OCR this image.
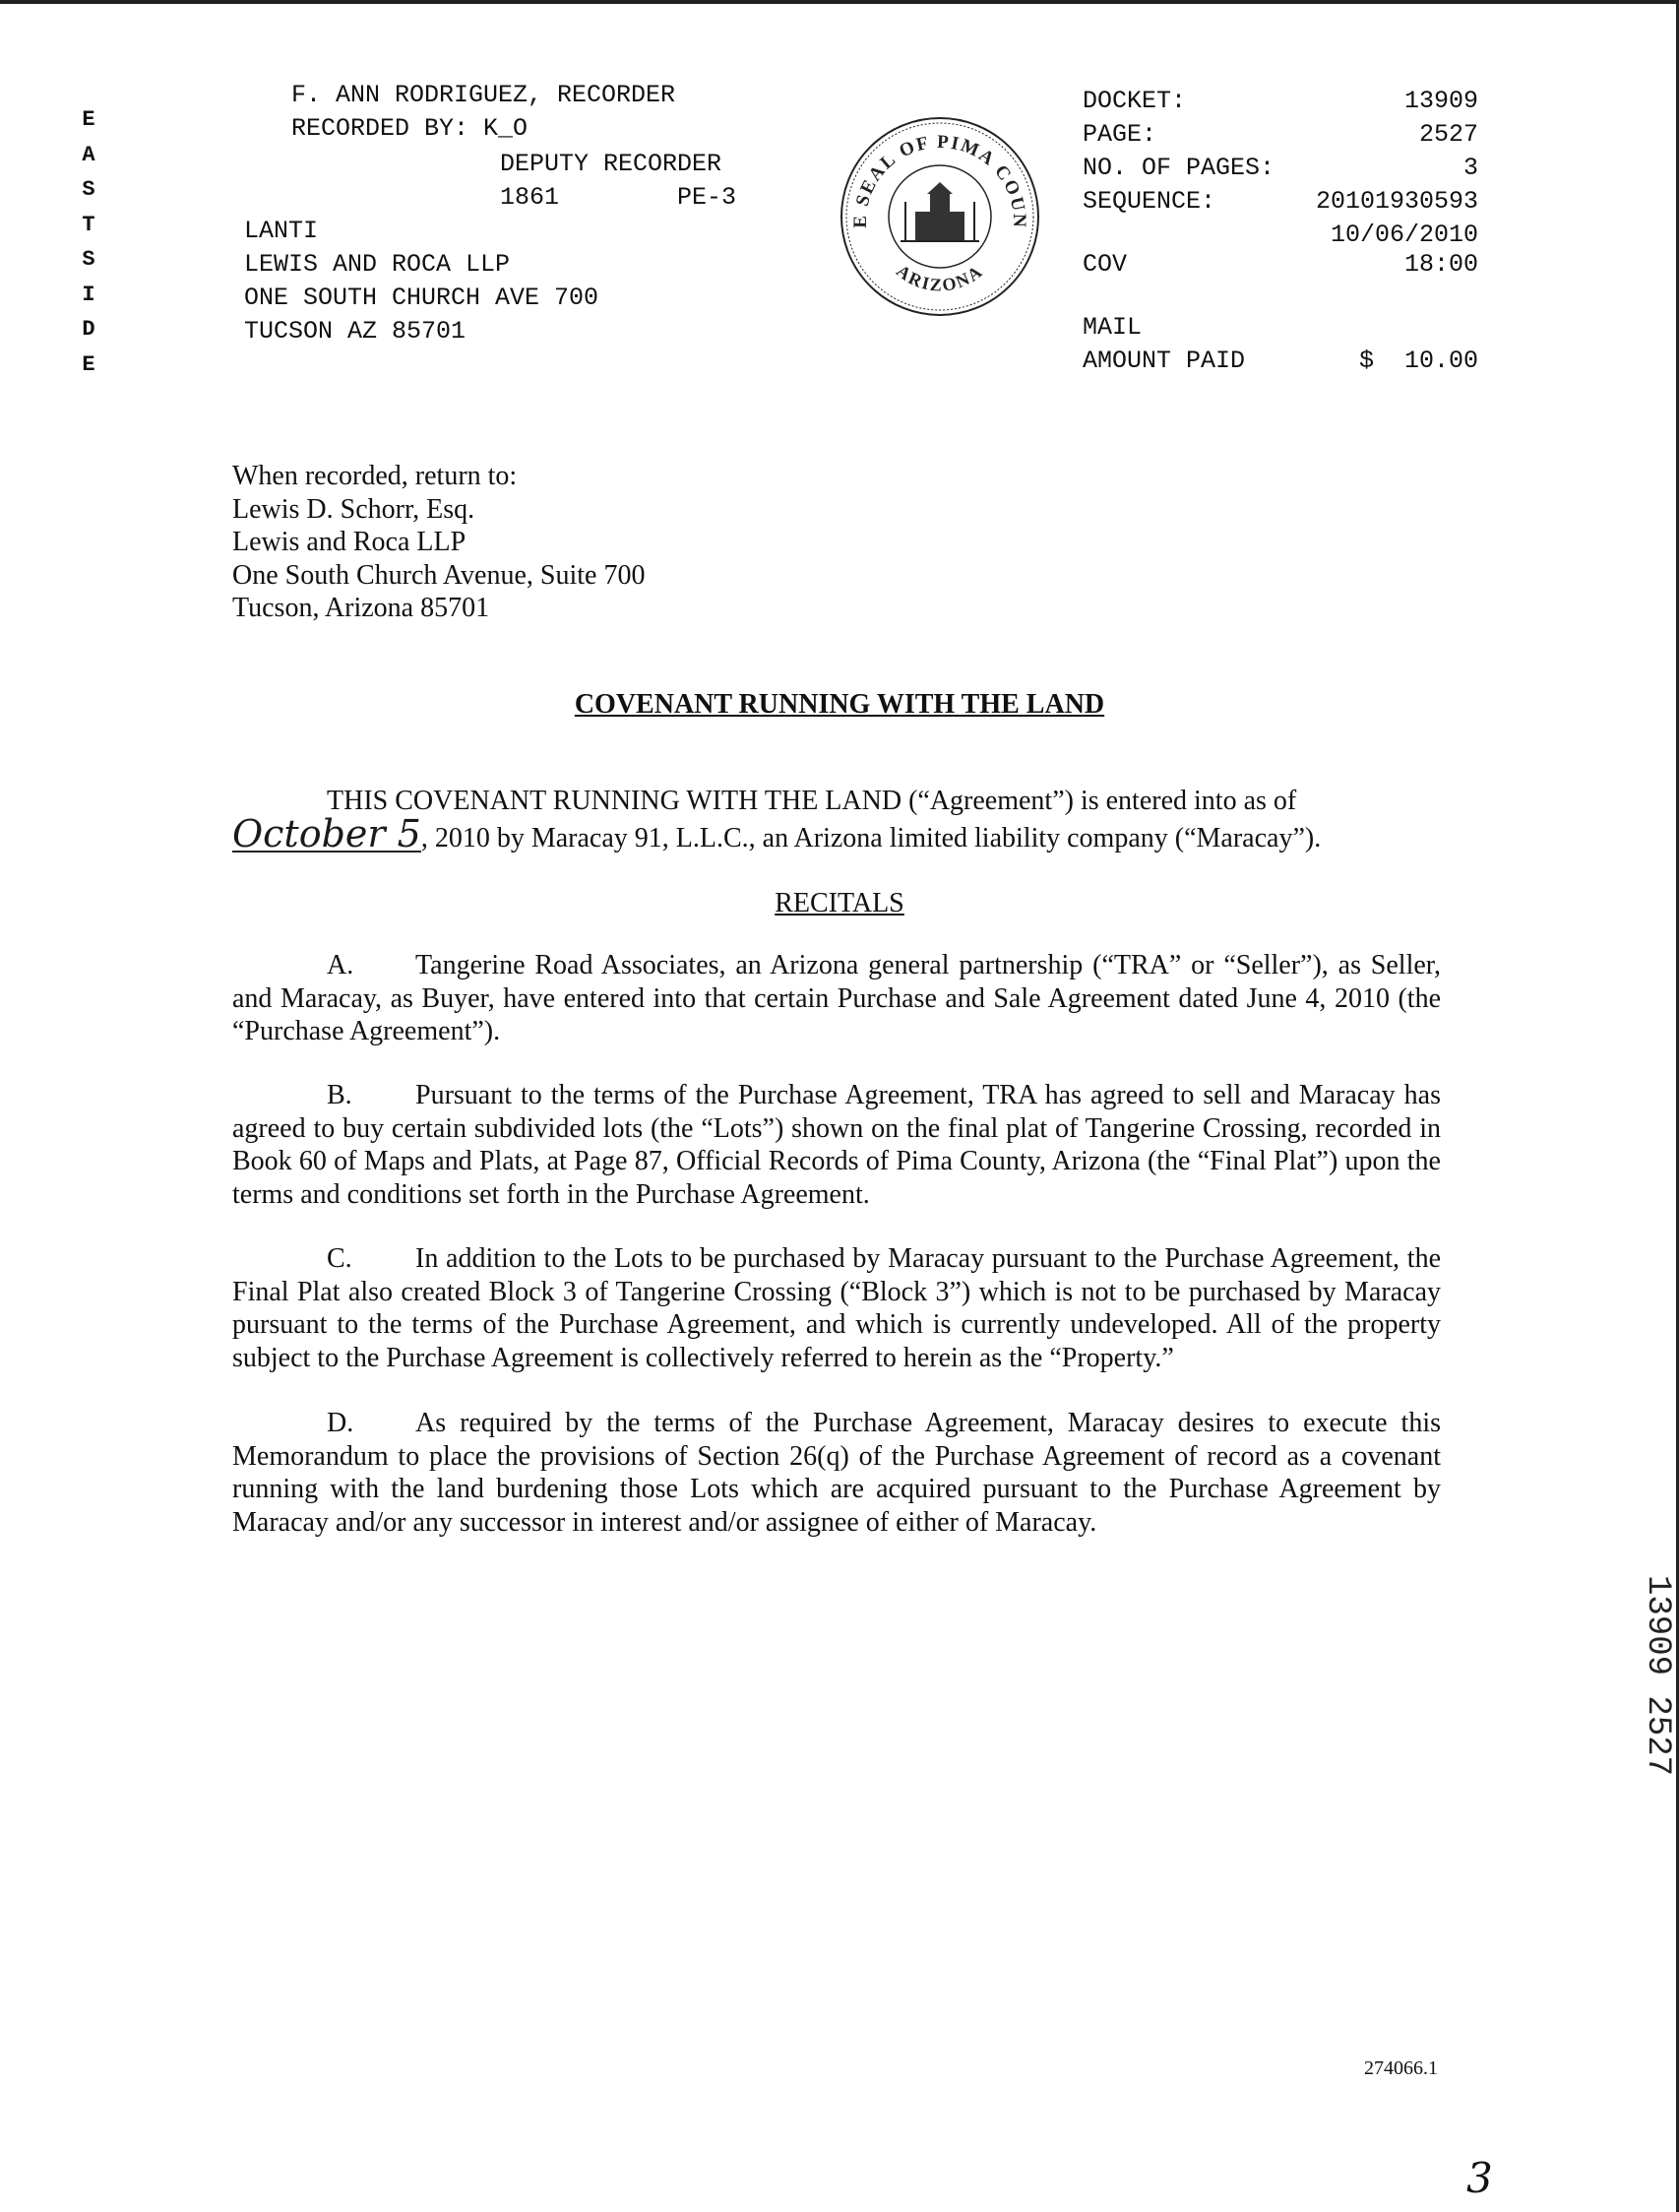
E
A
S
T
S
I
D
E
F. ANN RODRIGUEZ, RECORDER
RECORDED BY: K_O
DEPUTY RECORDER
1861	PE-3
LANTI
LEWIS AND ROCA LLP
ONE SOUTH CHURCH AVE 700
TUCSON AZ 85701
E SEAL OF PIMA COUN
ARIZONA
DOCKET:	13909
PAGE:	2527
NO. OF PAGES:	3
SEQUENCE:	20101930593
10/06/2010
COV	18:00
MAIL
AMOUNT PAID	$ 10.00
When recorded, return to:
Lewis D. Schorr, Esq.
Lewis and Roca LLP
One South Church Avenue, Suite 700
Tucson, Arizona 85701
COVENANT RUNNING WITH THE LAND
THIS COVENANT RUNNING WITH THE LAND (“Agreement”) is entered into as of
October 5, 2010 by Maracay 91, L.L.C., an Arizona limited liability company (“Maracay”).
RECITALS
A. Tangerine Road Associates, an Arizona general partnership (“TRA” or “Seller”), as Seller, and Maracay, as Buyer, have entered into that certain Purchase and Sale Agreement dated June 4, 2010 (the “Purchase Agreement”).
B. Pursuant to the terms of the Purchase Agreement, TRA has agreed to sell and Maracay has agreed to buy certain subdivided lots (the “Lots”) shown on the final plat of Tangerine Crossing, recorded in Book 60 of Maps and Plats, at Page 87, Official Records of Pima County, Arizona (the “Final Plat”) upon the terms and conditions set forth in the Purchase Agreement.
C. In addition to the Lots to be purchased by Maracay pursuant to the Purchase Agreement, the Final Plat also created Block 3 of Tangerine Crossing (“Block 3”) which is not to be purchased by Maracay pursuant to the terms of the Purchase Agreement, and which is currently undeveloped. All of the property subject to the Purchase Agreement is collectively referred to herein as the “Property.”
D. As required by the terms of the Purchase Agreement, Maracay desires to execute this Memorandum to place the provisions of Section 26(q) of the Purchase Agreement of record as a covenant running with the land burdening those Lots which are acquired pursuant to the Purchase Agreement by Maracay and/or any successor in interest and/or assignee of either of Maracay.
13909 2527
274066.1
3
